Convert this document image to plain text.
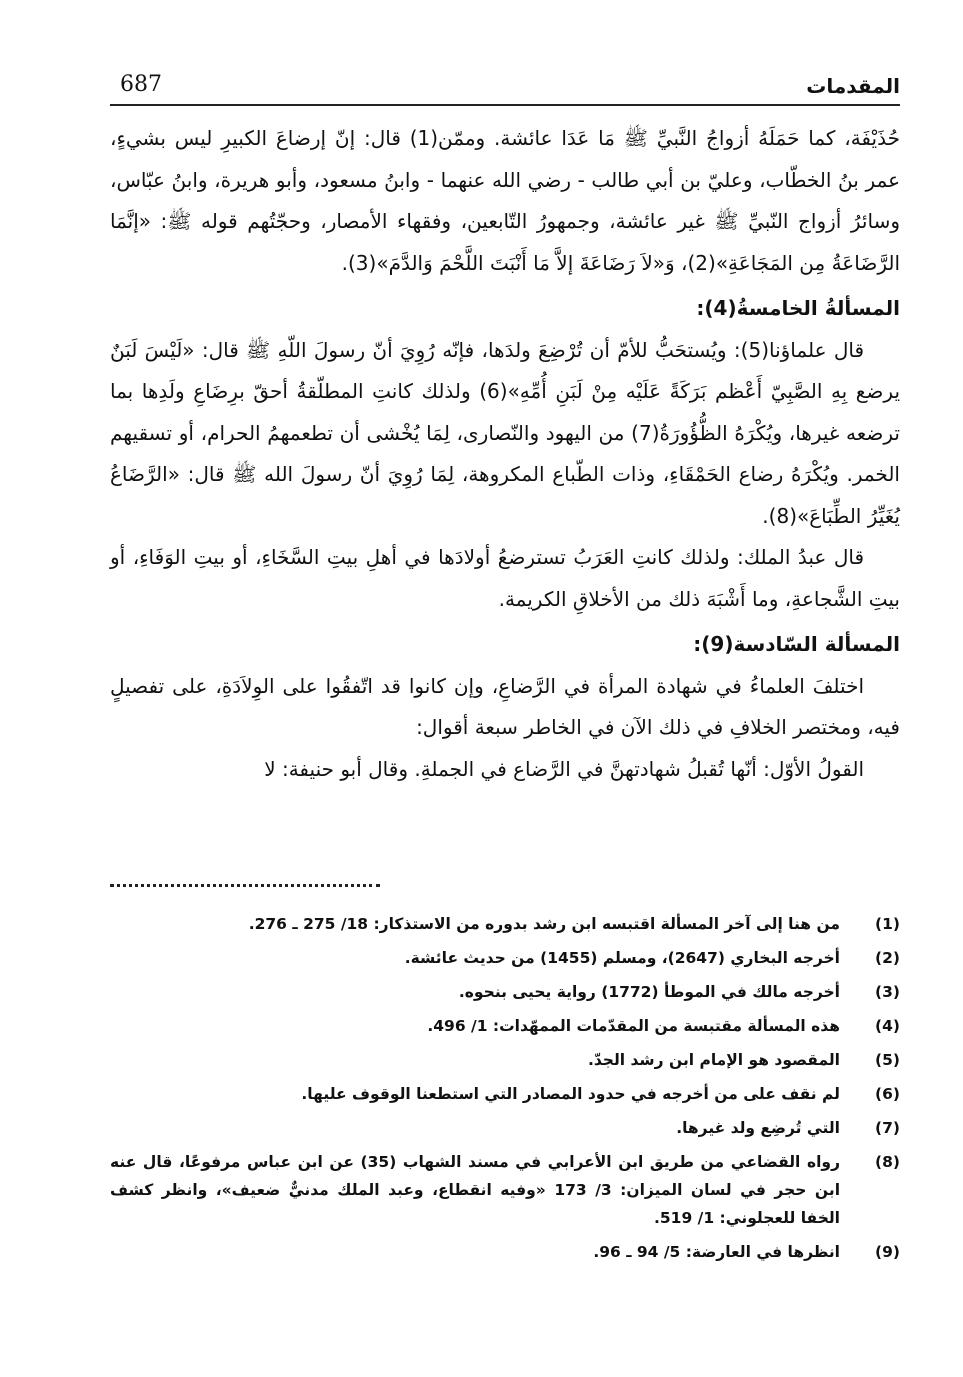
687	المقدمات

حُذَيْفَة، كما حَمَلَهُ أزواجُ النَّبيِّ ﷺ مَا عَدَا عائشة. وممّن(1) قال: إنّ إرضاعَ الكبيرِ ليس بشيءٍ، عمر بنُ الخطّاب، وعليّ بن أبي طالب - رضي الله عنهما - وابنُ مسعود، وأبو هريرة، وابنُ عبّاس، وسائرُ أزواج النّبيِّ ﷺ غير عائشة، وجمهورُ التّابعين، وفقهاء الأمصار، وحجّتُهم قوله ﷺ: «إنَّمَا الرَّضَاعَةُ مِن المَجَاعَةِ»(2)، وَ«لاَ رَضَاعَةَ إلاَّ مَا أَنْبَتَ اللَّحْمَ وَالدَّمَ»(3).

المسألةُ الخامسةُ(4):

قال علماؤنا(5): ويُستحَبُّ للأمّ أن تُرْضِعَ ولدَها، فإنّه رُوِيَ أنّ رسولَ اللّهِ ﷺ قال: «لَيْسَ لَبَنٌ يرضع بِهِ الصَّبِيّ أَعْظم بَرَكَةً عَلَيْه مِنْ لَبَنِ أُمِّهِ»(6) ولذلك كانتِ المطلّقةُ أحقّ برِضَاعِ ولَدِها بما ترضعه غيرها، ويُكْرَهُ الظُّؤُورَةُ(7) من اليهود والنّصارى، لِمَا يُخْشى أن تطعمهمُ الحرام، أو تسقيهم الخمر. ويُكْرَهُ رضاع الحَمْقَاءِ، وذات الطّباع المكروهة، لِمَا رُوِيَ أنّ رسولَ الله ﷺ قال: «الرَّضَاعُ يُغَيِّرُ الطِّبَاعَ»(8).

قال عبدُ الملك: ولذلك كانتِ العَرَبُ تسترضعُ أولادَها في أهلِ بيتِ السَّخَاءِ، أو بيتِ الوَفَاءِ، أو بيتِ الشَّجاعةِ، وما أَشْبَهَ ذلك من الأخلاقِ الكريمة.

المسألة السّادسة(9):

اختلفَ العلماءُ في شهادة المرأة في الرَّضاعِ، وإن كانوا قد اتّفقُوا على الوِلاَدَةِ، على تفصيلٍ فيه، ومختصر الخلافِ في ذلك الآن في الخاطر سبعة أقوال:

القولُ الأوّل: أنّها تُقبلُ شهادتهنَّ في الرَّضاع في الجملةِ. وقال أبو حنيفة: لا

(1)
من هنا إلى آخر المسألة اقتبسه ابن رشد بدوره من الاستذكار: 18/ 275 ـ 276.
(2)
أخرجه البخاري (2647)، ومسلم (1455) من حديث عائشة.
(3)
أخرجه مالك في الموطأ (1772) رواية يحيى بنحوه.
(4)
هذه المسألة مقتبسة من المقدّمات الممهّدات: 1/ 496.
(5)
المقصود هو الإمام ابن رشد الجدّ.
(6)
لم نقف على من أخرجه في حدود المصادر التي استطعنا الوقوف عليها.
(7)
التي تُرضِع ولد غيرها.
(8)
رواه القضاعي من طريق ابن الأعرابي في مسند الشهاب (35) عن ابن عباس مرفوعًا، قال عنه ابن حجر في لسان الميزان: 3/ 173 «وفيه انقطاع، وعبد الملك مدنيٌّ ضعيف»، وانظر كشف الخفا للعجلوني: 1/ 519.
(9)
انظرها في العارضة: 5/ 94 ـ 96.
